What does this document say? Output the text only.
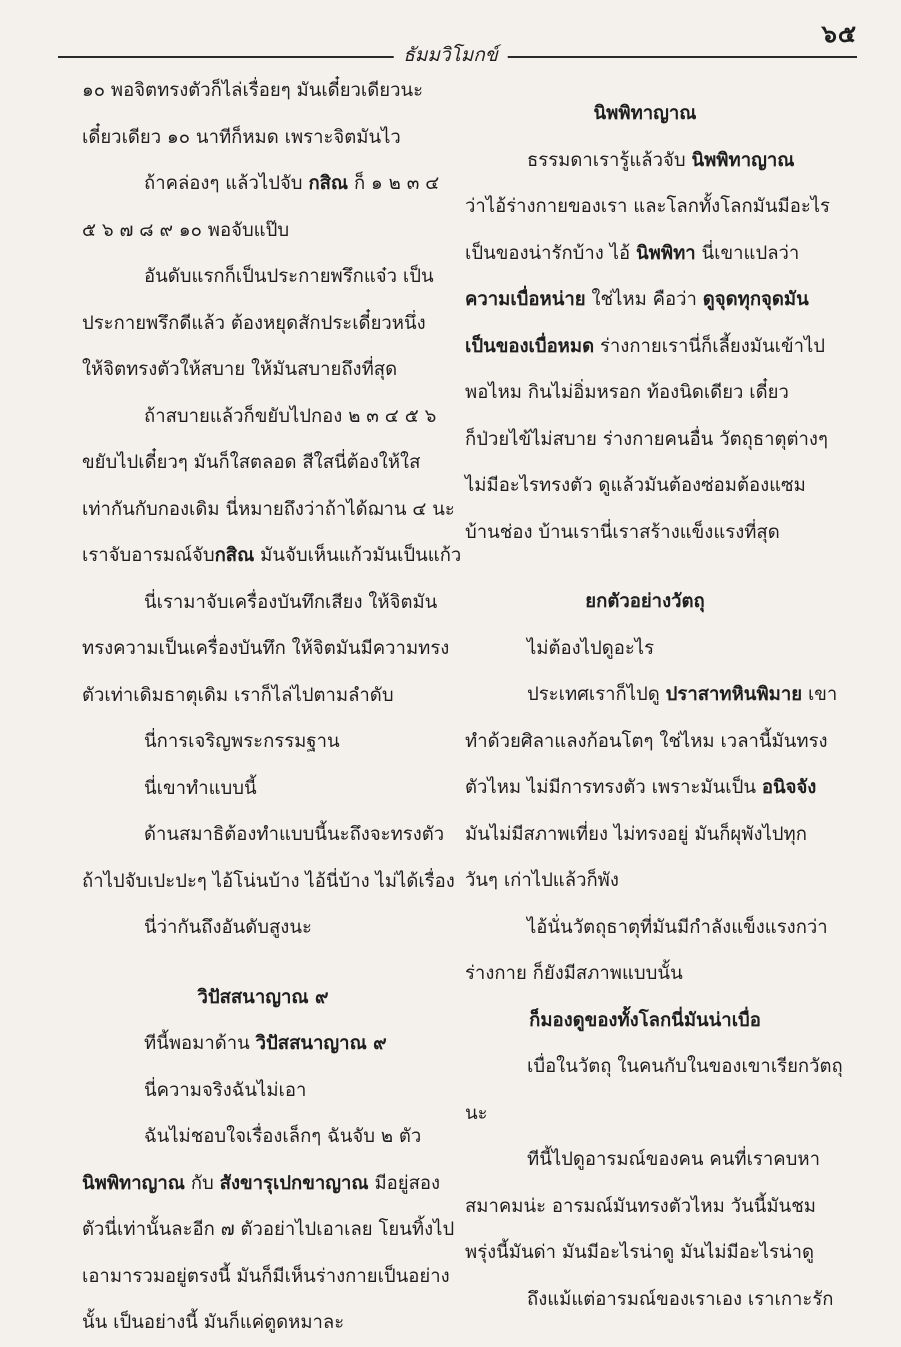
๖๕
ธัมมวิโมกข์
๑๐ พอจิตทรงตัวก็ไล่เรื่อยๆ มันเดี๋ยวเดียวนะ
เดี๋ยวเดียว ๑๐ นาทีก็หมด เพราะจิตมันไว
ถ้าคล่องๆ แล้วไปจับ กสิณ ก็ ๑ ๒ ๓ ๔
๕ ๖ ๗ ๘ ๙ ๑๐ พอจับแป๊บ
อันดับแรกก็เป็นประกายพรึกแจ๋ว เป็น
ประกายพรึกดีแล้ว ต้องหยุดสักประเดี๋ยวหนึ่ง
ให้จิตทรงตัวให้สบาย ให้มันสบายถึงที่สุด
ถ้าสบายแล้วก็ขยับไปกอง ๒ ๓ ๔ ๕ ๖
ขยับไปเดี๋ยวๆ มันก็ใสตลอด สีใสนี่ต้องให้ใส
เท่ากันกับกองเดิม นี่หมายถึงว่าถ้าได้ฌาน ๔ นะ
เราจับอารมณ์จับกสิณ มันจับเห็นแก้วมันเป็นแก้ว
นี่เรามาจับเครื่องบันทึกเสียง ให้จิตมัน
ทรงความเป็นเครื่องบันทึก ให้จิตมันมีความทรง
ตัวเท่าเดิมธาตุเดิม เราก็ไล่ไปตามลำดับ
นี่การเจริญพระกรรมฐาน
นี่เขาทำแบบนี้
ด้านสมาธิต้องทำแบบนี้นะถึงจะทรงตัว
ถ้าไปจับเปะปะๆ ไอ้โน่นบ้าง ไอ้นี่บ้าง ไม่ได้เรื่อง
นี่ว่ากันถึงอันดับสูงนะ
วิปัสสนาญาณ ๙
ทีนี้พอมาด้าน วิปัสสนาญาณ ๙
นี่ความจริงฉันไม่เอา
ฉันไม่ชอบใจเรื่องเล็กๆ ฉันจับ ๒ ตัว
นิพพิทาญาณ กับ สังขารุเปกขาญาณ มีอยู่สอง
ตัวนี่เท่านั้นละอีก ๗ ตัวอย่าไปเอาเลย โยนทิ้งไป
เอามารวมอยู่ตรงนี้ มันก็มีเห็นร่างกายเป็นอย่าง
นั้น เป็นอย่างนี้ มันก็แค่ตูดหมาละ
นิพพิทาญาณ
ธรรมดาเรารู้แล้วจับ นิพพิทาญาณ
ว่าไอ้ร่างกายของเรา และโลกทั้งโลกมันมีอะไร
เป็นของน่ารักบ้าง ไอ้ นิพพิทา นี่เขาแปลว่า
ความเบื่อหน่าย ใช่ไหม คือว่า ดูจุดทุกจุดมัน
เป็นของเบื่อหมด ร่างกายเรานี่ก็เลี้ยงมันเข้าไป
พอไหม กินไม่อิ่มหรอก ท้องนิดเดียว เดี๋ยว
ก็ป่วยไข้ไม่สบาย ร่างกายคนอื่น วัตถุธาตุต่างๆ
ไม่มีอะไรทรงตัว ดูแล้วมันต้องซ่อมต้องแซม
บ้านช่อง บ้านเรานี่เราสร้างแข็งแรงที่สุด
ยกตัวอย่างวัตถุ
ไม่ต้องไปดูอะไร
ประเทศเราก็ไปดู ปราสาทหินพิมาย เขา
ทำด้วยศิลาแลงก้อนโตๆ ใช่ไหม เวลานี้มันทรง
ตัวไหม ไม่มีการทรงตัว เพราะมันเป็น อนิจจัง
มันไม่มีสภาพเที่ยง ไม่ทรงอยู่ มันก็ผุพังไปทุก
วันๆ เก่าไปแล้วก็พัง
ไอ้นั่นวัตถุธาตุที่มันมีกำลังแข็งแรงกว่า
ร่างกาย ก็ยังมีสภาพแบบนั้น
ก็มองดูของทั้งโลกนี่มันน่าเบื่อ
เบื่อในวัตถุ ในคนกับในของเขาเรียกวัตถุ
นะ
ทีนี้ไปดูอารมณ์ของคน คนที่เราคบหา
สมาคมน่ะ อารมณ์มันทรงตัวไหม วันนี้มันชม
พรุ่งนี้มันด่า มันมีอะไรน่าดู มันไม่มีอะไรน่าดู
ถึงแม้แต่อารมณ์ของเราเอง เราเกาะรัก
